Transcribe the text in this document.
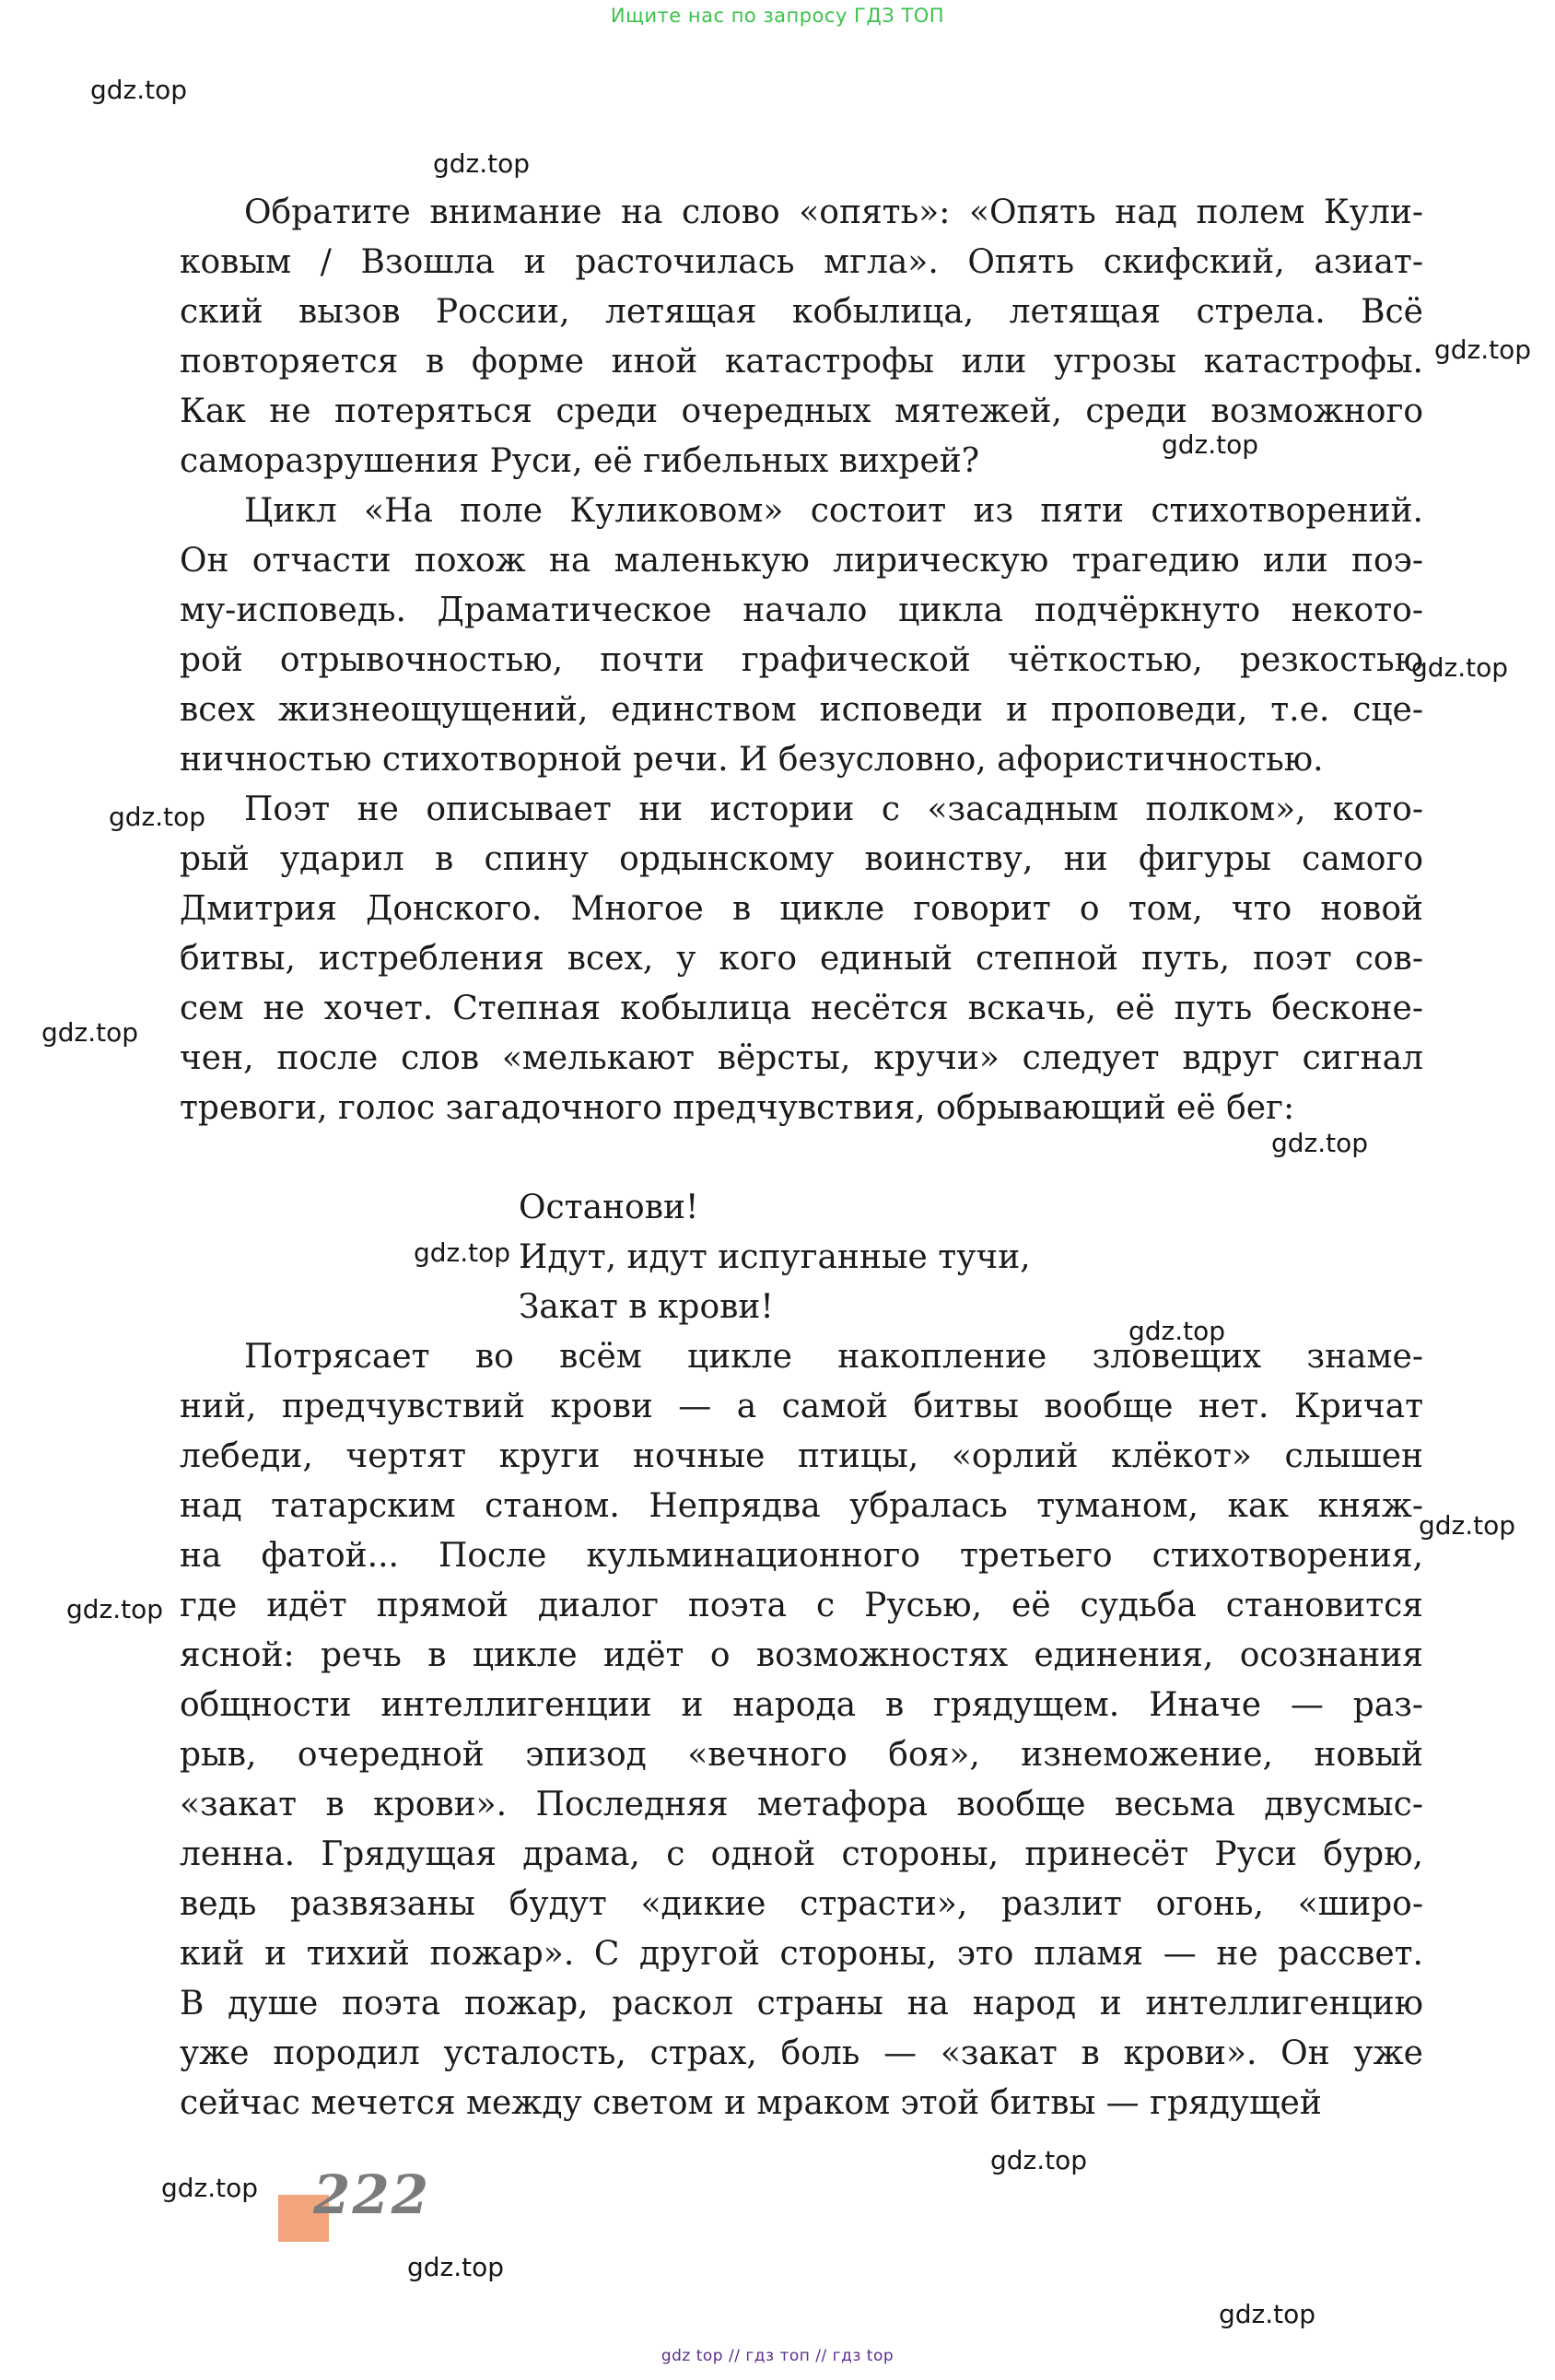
Ищите нас по запросу ГДЗ ТОП
gdz.top
gdz.top
gdz.top
gdz.top
gdz.top
gdz.top
gdz.top
gdz.top
gdz.top
gdz.top
gdz.top
gdz.top
gdz.top
gdz.top
gdz.top
gdz.top
Обратите внимание на слово «опять»: «Опять над полем Кули-
ковым / Взошла и расточилась мгла». Опять скифский, азиат-
ский вызов России, летящая кобылица, летящая стрела. Всё
повторяется в форме иной катастрофы или угрозы катастрофы.
Как не потеряться среди очередных мятежей, среди возможного
саморазрушения Руси, её гибельных вихрей?
Цикл «На поле Куликовом» состоит из пяти стихотворений.
Он отчасти похож на маленькую лирическую трагедию или поэ-
му-исповедь. Драматическое начало цикла подчёркнуто некото-
рой отрывочностью, почти графической чёткостью, резкостью
всех жизнеощущений, единством исповеди и проповеди, т.е. сце-
ничностью стихотворной речи. И безусловно, афористичностью.
Поэт не описывает ни истории с «засадным полком», кото-
рый ударил в спину ордынскому воинству, ни фигуры самого
Дмитрия Донского. Многое в цикле говорит о том, что новой
битвы, истребления всех, у кого единый степной путь, поэт сов-
сем не хочет. Степная кобылица несётся вскачь, её путь бесконе-
чен, после слов «мелькают вёрсты, кручи» следует вдруг сигнал
тревоги, голос загадочного предчувствия, обрывающий её бег:
Останови!
Идут, идут испуганные тучи,
Закат в крови!
Потрясает во всём цикле накопление зловещих знаме-
ний, предчувствий крови — а самой битвы вообще нет. Кричат
лебеди, чертят круги ночные птицы, «орлий клёкот» слышен
над татарским станом. Непрядва убралась туманом, как княж-
на фатой... После кульминационного третьего стихотворения,
где идёт прямой диалог поэта с Русью, её судьба становится
ясной: речь в цикле идёт о возможностях единения, осознания
общности интеллигенции и народа в грядущем. Иначе — раз-
рыв, очередной эпизод «вечного боя», изнеможение, новый
«закат в крови». Последняя метафора вообще весьма двусмыс-
ленна. Грядущая драма, с одной стороны, принесёт Руси бурю,
ведь развязаны будут «дикие страсти», разлит огонь, «широ-
кий и тихий пожар». С другой стороны, это пламя — не рассвет.
В душе поэта пожар, раскол страны на народ и интеллигенцию
уже породил усталость, страх, боль — «закат в крови». Он уже
сейчас мечется между светом и мраком этой битвы — грядущей
222
gdz top // гдз топ // гдз top
